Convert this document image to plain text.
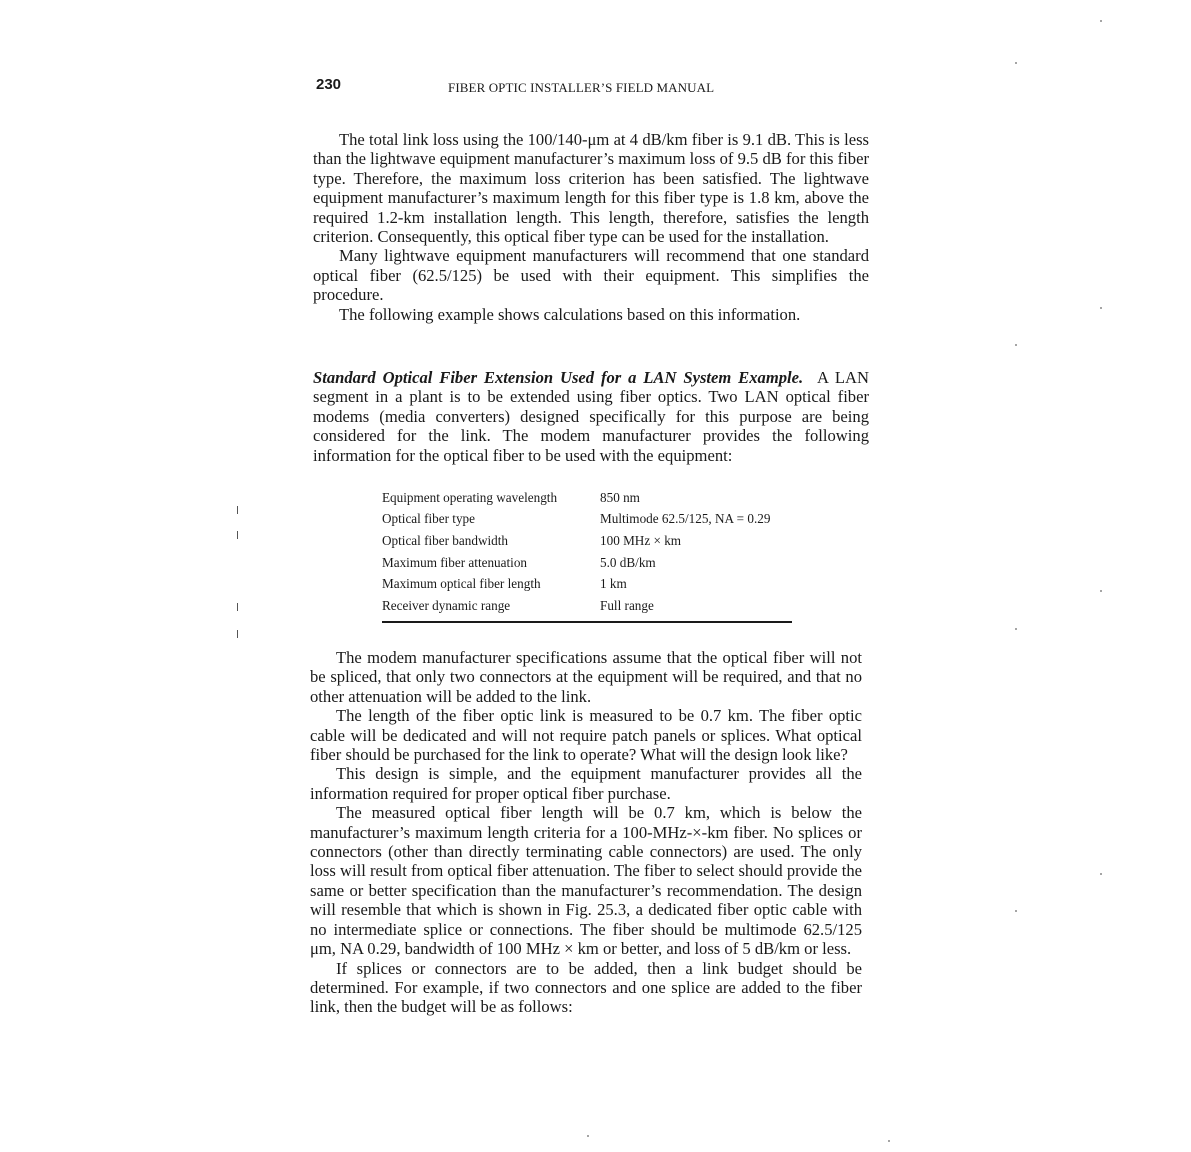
230	FIBER OPTIC INSTALLER’S FIELD MANUAL

The total link loss using the 100/140-μm at 4 dB/km fiber is 9.1 dB. This is less than the lightwave equipment manufacturer’s maximum loss of 9.5 dB for this fiber type. Therefore, the maximum loss criterion has been satisfied. The lightwave equipment manufacturer’s maximum length for this fiber type is 1.8 km, above the required 1.2-km installation length. This length, therefore, satisfies the length criterion. Consequently, this optical fiber type can be used for the installation.

Many lightwave equipment manufacturers will recommend that one standard optical fiber (62.5/125) be used with their equipment. This simplifies the procedure.

The following example shows calculations based on this information.

Standard Optical Fiber Extension Used for a LAN System Example. A LAN segment in a plant is to be extended using fiber optics. Two LAN optical fiber modems (media converters) designed specifically for this purpose are being considered for the link. The modem manufacturer provides the following information for the optical fiber to be used with the equipment:

Equipment operating wavelength	850 nm
Optical fiber type	Multimode 62.5/125, NA = 0.29
Optical fiber bandwidth	100 MHz × km
Maximum fiber attenuation	5.0 dB/km
Maximum optical fiber length	1 km
Receiver dynamic range	Full range

The modem manufacturer specifications assume that the optical fiber will not be spliced, that only two connectors at the equipment will be required, and that no other attenuation will be added to the link.

The length of the fiber optic link is measured to be 0.7 km. The fiber optic cable will be dedicated and will not require patch panels or splices. What optical fiber should be purchased for the link to operate? What will the design look like?

This design is simple, and the equipment manufacturer provides all the information required for proper optical fiber purchase.

The measured optical fiber length will be 0.7 km, which is below the manufacturer’s maximum length criteria for a 100-MHz-×-km fiber. No splices or connectors (other than directly terminating cable connectors) are used. The only loss will result from optical fiber attenuation. The fiber to select should provide the same or better specification than the manufacturer’s recommendation. The design will resemble that which is shown in Fig. 25.3, a dedicated fiber optic cable with no intermediate splice or connections. The fiber should be multimode 62.5/125 μm, NA 0.29, bandwidth of 100 MHz × km or better, and loss of 5 dB/km or less.

If splices or connectors are to be added, then a link budget should be determined. For example, if two connectors and one splice are added to the fiber link, then the budget will be as follows:
